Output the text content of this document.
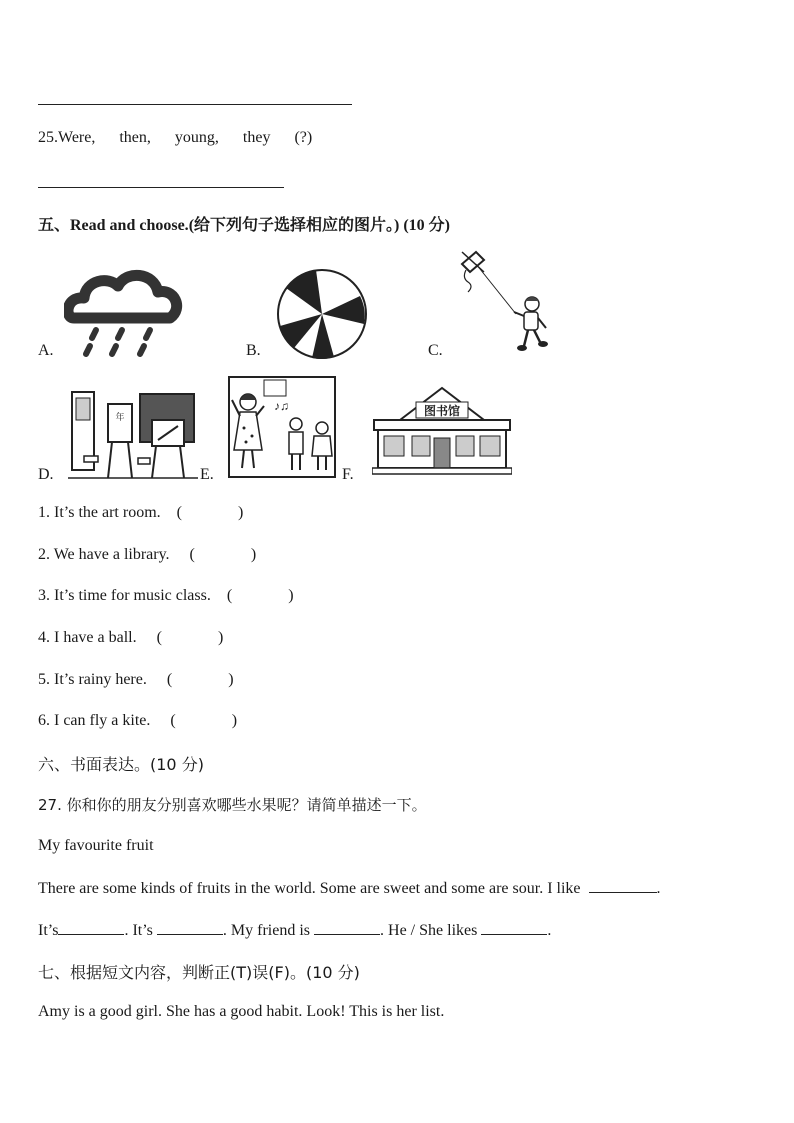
25.Were, then, young, they (?)
五、Read and choose.(给下列句子选择相应的图片。) (10 分)
A.	B.	C.
D.
年
E.
♪♫
F.
图书馆
1. It’s the art room. (              )
2. We have a library. (              )
3. It’s time for music class. (              )
4. I have a ball. (              )
5. It’s rainy here. (              )
6. I can fly a kite. (              )
六、书面表达。(10 分)
27. 你和你的朋友分别喜欢哪些水果呢？请简单描述一下。
My favourite fruit
There are some kinds of fruits in the world. Some are sweet and some are sour. I like	.
It’s	. It’s	. My friend is	. He / She likes	.
七、根据短文内容，判断正(T)误(F)。(10 分)
Amy is a good girl. She has a good habit. Look! This is her list.
